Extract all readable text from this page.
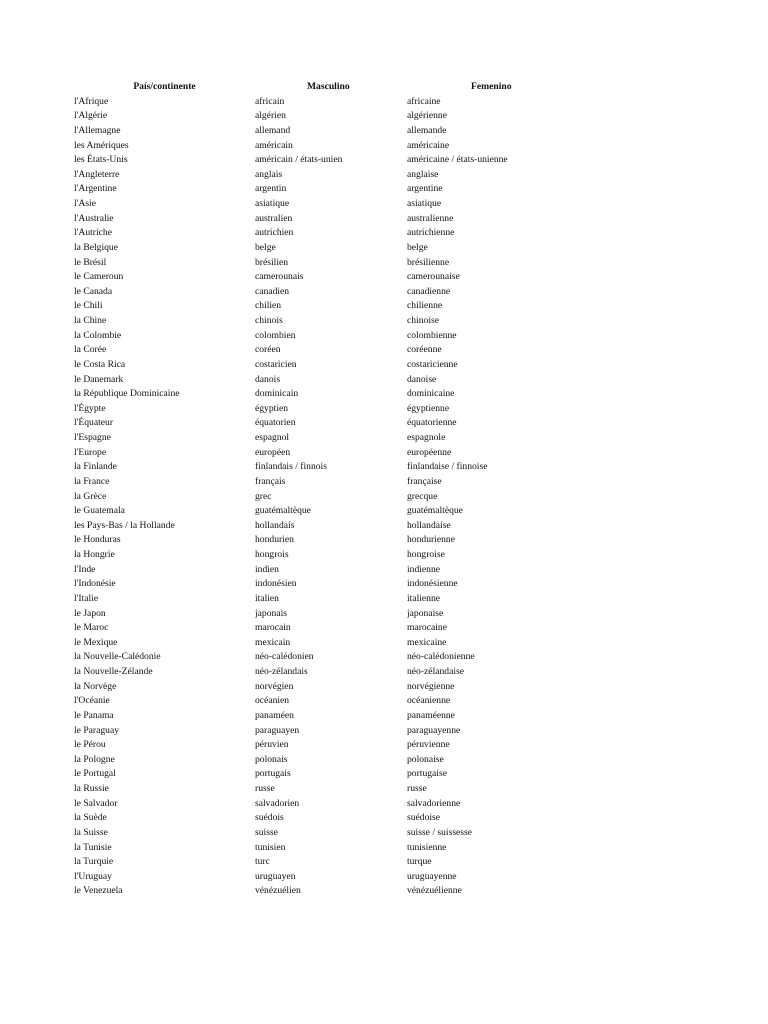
País/continente	Masculino	Femenino
l'Afrique	africain	africaine
l'Algérie	algérien	algérienne
l'Allemagne	allemand	allemande
les Amériques	américain	américaine
les États-Unis	américain / états-unien	américaine / états-unienne
l'Angleterre	anglais	anglaise
l'Argentine	argentin	argentine
l'Asie	asiatique	asiatique
l'Australie	australien	australienne
l'Autriche	autrichien	autrichienne
la Belgique	belge	belge
le Brésil	brésilien	brésilienne
le Cameroun	camerounais	camerounaise
le Canada	canadien	canadienne
le Chili	chilien	chilienne
la Chine	chinois	chinoise
la Colombie	colombien	colombienne
la Corée	coréen	coréenne
le Costa Rica	costaricien	costaricienne
le Danemark	danois	danoise
la République Dominicaine	dominicain	dominicaine
l'Égypte	égyptien	égyptienne
l'Équateur	équatorien	équatorienne
l'Espagne	espagnol	espagnole
l'Europe	européen	européenne
la Finlande	finlandais / finnois	finlandaise / finnoise
la France	français	française
la Grèce	grec	grecque
le Guatemala	guatémaltèque	guatémaltèque
les Pays-Bas / la Hollande	hollandais	hollandaise
le Honduras	hondurien	hondurienne
la Hongrie	hongrois	hongroise
l'Inde	indien	indienne
l'Indonésie	indonésien	indonésienne
l'Italie	italien	italienne
le Japon	japonais	japonaise
le Maroc	marocain	marocaine
le Mexique	mexicain	mexicaine
la Nouvelle-Calédonie	néo-calédonien	néo-calédonienne
la Nouvelle-Zélande	néo-zélandais	néo-zélandaise
la Norvège	norvégien	norvégienne
l'Océanie	océanien	océanienne
le Panama	panaméen	panaméenne
le Paraguay	paraguayen	paraguayenne
le Pérou	péruvien	péruvienne
la Pologne	polonais	polonaise
le Portugal	portugais	portugaise
la Russie	russe	russe
le Salvador	salvadorien	salvadorienne
la Suède	suédois	suédoise
la Suisse	suisse	suisse / suissesse
la Tunisie	tunisien	tunisienne
la Turquie	turc	turque
l'Uruguay	uruguayen	uruguayenne
le Venezuela	vénézuélien	vénézuélienne
